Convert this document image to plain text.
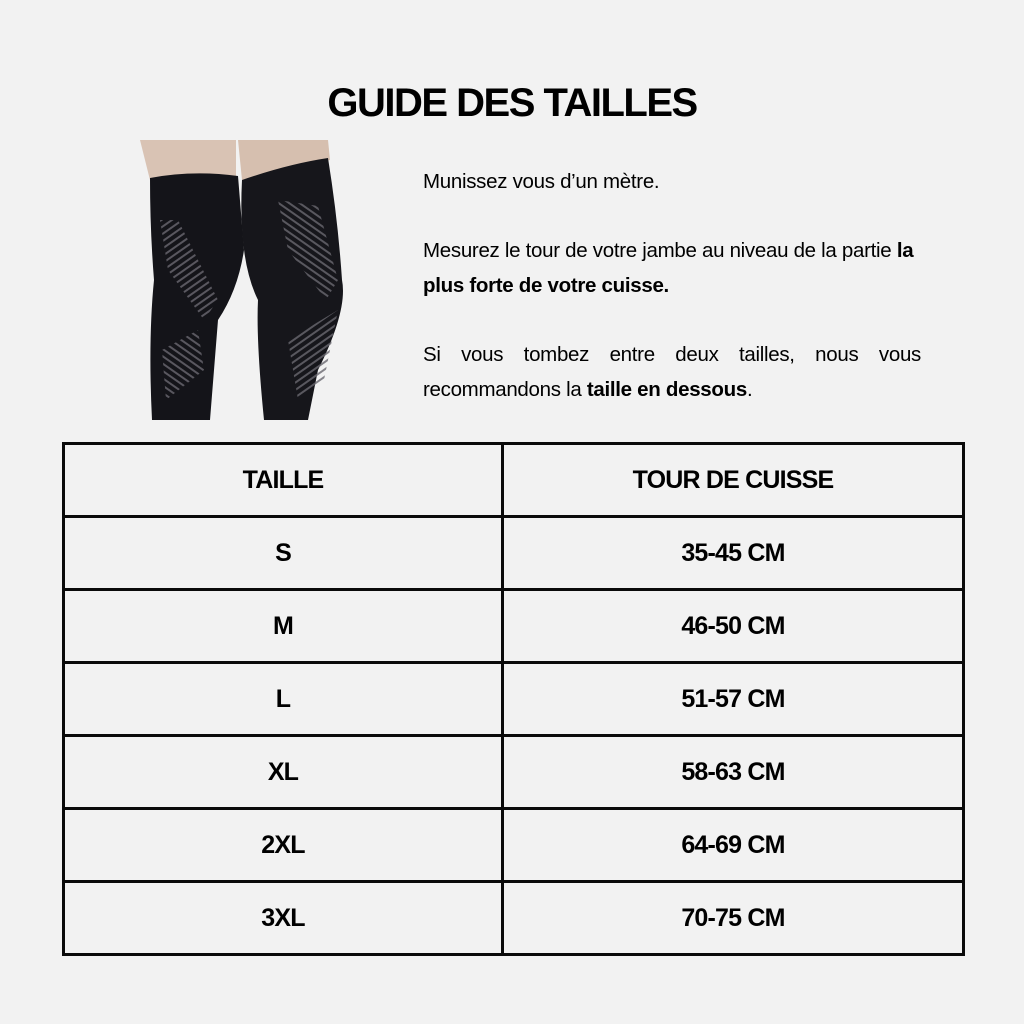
GUIDE DES TAILLES

Munissez vous d’un mètre.

Mesurez le tour de votre jambe au niveau de la partie la plus forte de votre cuisse.

Si vous tombez entre deux tailles, nous vous recommandons la taille en dessous.

TAILLE	TOUR DE CUISSE
S	35-45 CM
M	46-50 CM
L	51-57 CM
XL	58-63 CM
2XL	64-69 CM
3XL	70-75 CM
